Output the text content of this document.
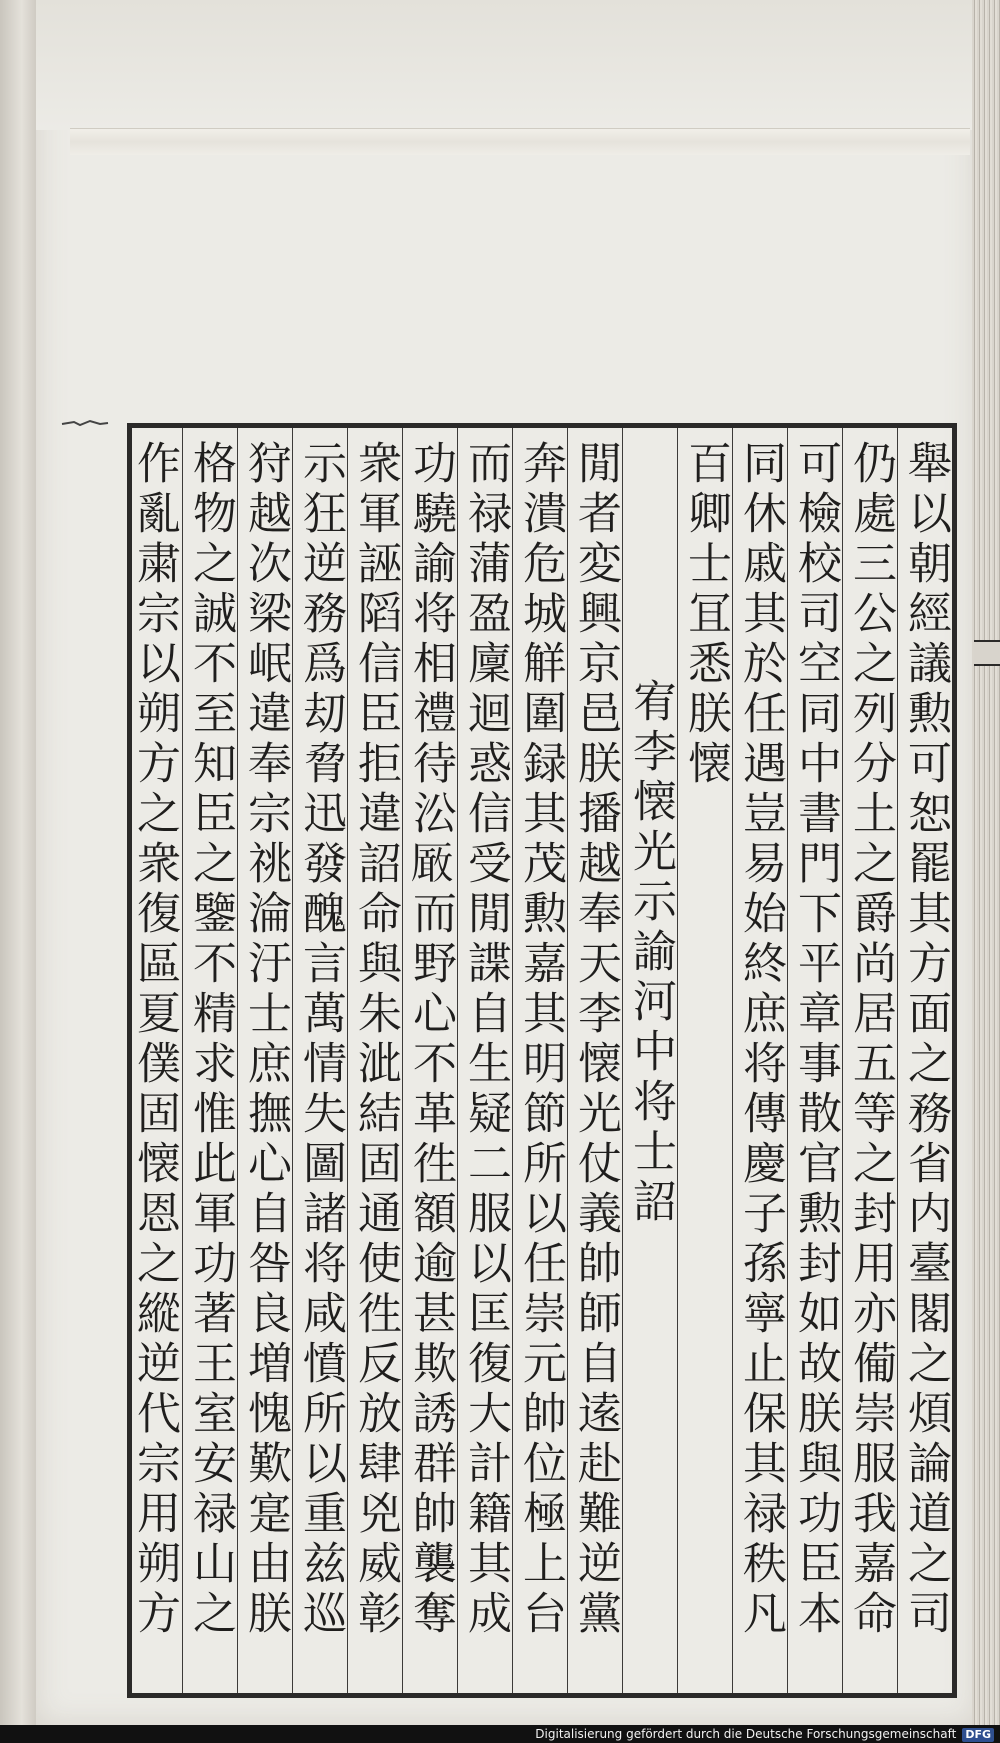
舉以朝經議勲可恕罷其方面之務省内臺閣之煩論道之司
仍處三公之列分土之爵尚居五等之封用亦僃崇服我嘉命
可檢校司空同中書門下平章事散官勲封如故朕與功臣本
同休戚其於任遇豈易始終庶将傳慶子孫寧止保其禄秩凡
百卿士冝悉朕懐
宥李懐光示諭河中将士詔
閒者変興京邑朕播越奉天李懐光仗義帥師自逺赴難逆黨
奔潰危城觧圍録其茂勲嘉其明節所以任崇元帥位極上台
而禄蒲盈廩迴惑信受閒諜自生疑二服以匡復大計籍其成
功驍諭将相禮待㳂𠪚而野心不革徃額逾甚欺誘群帥襲奪
衆軍誣䧟信臣拒違詔命與朱泚結固通使徃反放肆兇威彰
示狂逆務爲刧脅迅發醜言萬情失圖諸将咸憤所以重兹巡
狩越次梁岷違奉宗祧淪汙士庶撫心自咎良増愧歎寔由朕
格物之誠不至知臣之鑒不精求惟此軍功著王室安禄山之
作亂粛宗以朔方之衆復區夏僕固懐恩之縱逆代宗用朔方
Digitalisierung gefördert durch die Deutsche Forschungsgemeinschaft DFG
